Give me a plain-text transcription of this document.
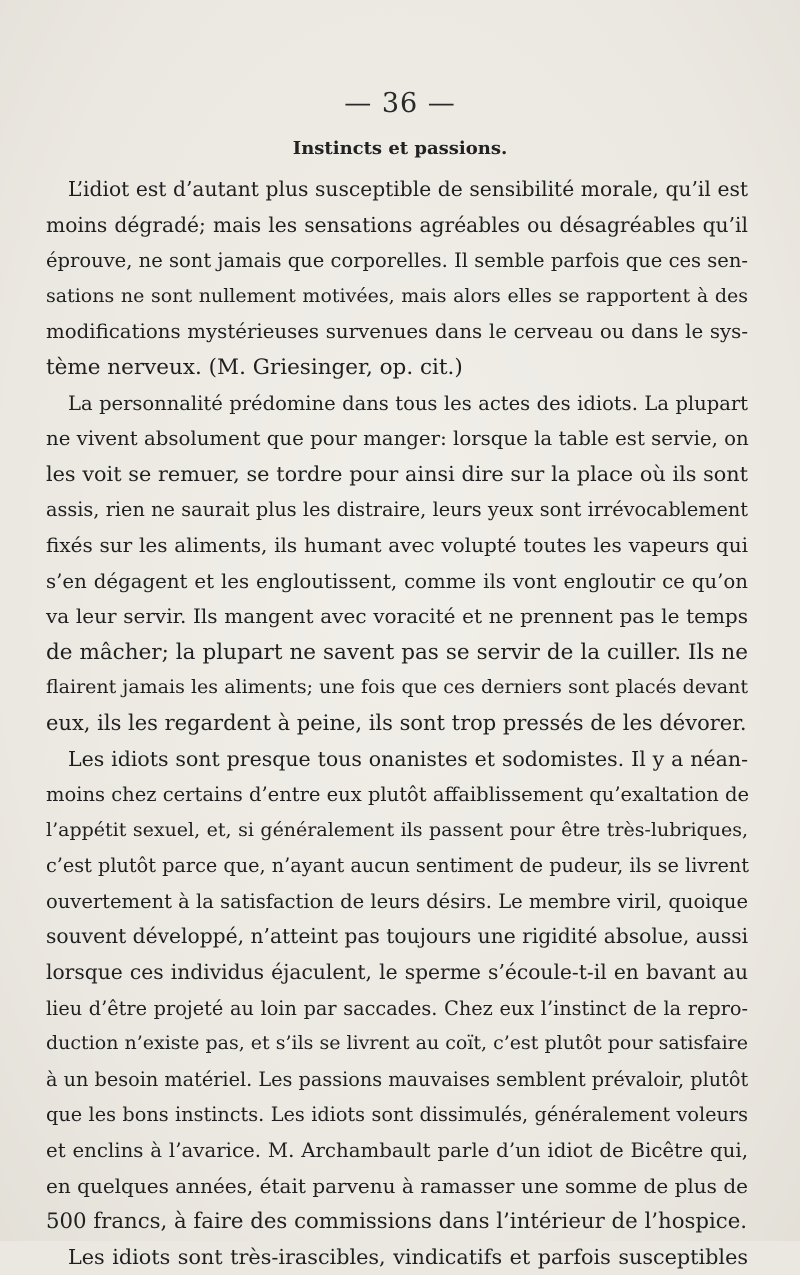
— 36 —
Instincts et passions.
L’idiot est d’autant plus susceptible de sensibilité morale, qu’il est
moins dégradé; mais les sensations agréables ou désagréables qu’il
éprouve, ne sont jamais que corporelles. Il semble parfois que ces sen-
sations ne sont nullement motivées, mais alors elles se rapportent à des
modifications mystérieuses survenues dans le cerveau ou dans le sys-
tème nerveux. (M. Griesinger, op. cit.)
La personnalité prédomine dans tous les actes des idiots. La plupart
ne vivent absolument que pour manger: lorsque la table est servie, on
les voit se remuer, se tordre pour ainsi dire sur la place où ils sont
assis, rien ne saurait plus les distraire, leurs yeux sont irrévocablement
fixés sur les aliments, ils humant avec volupté toutes les vapeurs qui
s’en dégagent et les engloutissent, comme ils vont engloutir ce qu’on
va leur servir. Ils mangent avec voracité et ne prennent pas le temps
de mâcher; la plupart ne savent pas se servir de la cuiller. Ils ne
flairent jamais les aliments; une fois que ces derniers sont placés devant
eux, ils les regardent à peine, ils sont trop pressés de les dévorer.
Les idiots sont presque tous onanistes et sodomistes. Il y a néan-
moins chez certains d’entre eux plutôt affaiblissement qu’exaltation de
l’appétit sexuel, et, si généralement ils passent pour être très-lubriques,
c’est plutôt parce que, n’ayant aucun sentiment de pudeur, ils se livrent
ouvertement à la satisfaction de leurs désirs. Le membre viril, quoique
souvent développé, n’atteint pas toujours une rigidité absolue, aussi
lorsque ces individus éjaculent, le sperme s’écoule-t-il en bavant au
lieu d’être projeté au loin par saccades. Chez eux l’instinct de la repro-
duction n’existe pas, et s’ils se livrent au coït, c’est plutôt pour satisfaire
à un besoin matériel. Les passions mauvaises semblent prévaloir, plutôt
que les bons instincts. Les idiots sont dissimulés, généralement voleurs
et enclins à l’avarice. M. Archambault parle d’un idiot de Bicêtre qui,
en quelques années, était parvenu à ramasser une somme de plus de
500 francs, à faire des commissions dans l’intérieur de l’hospice.
Les idiots sont très-irascibles, vindicatifs et parfois susceptibles
